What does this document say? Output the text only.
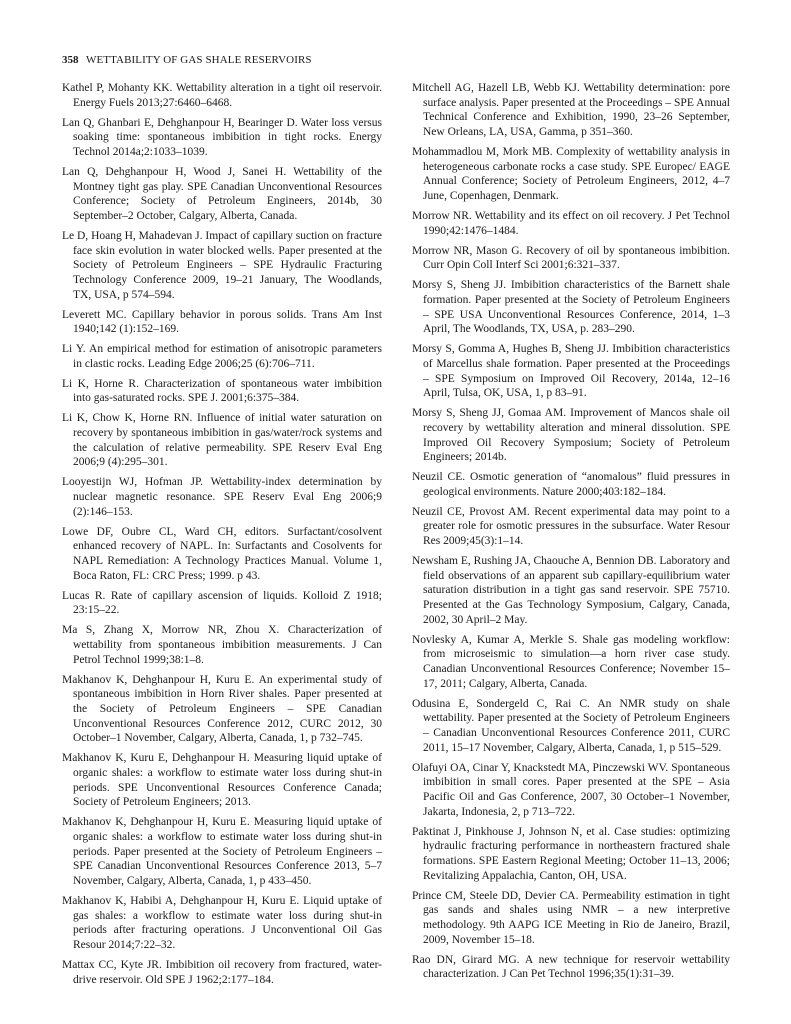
358 WETTABILITY OF GAS SHALE RESERVOIRS

Kathel P, Mohanty KK. Wettability alteration in a tight oil reservoir. Energy Fuels 2013;27:6460–6468.

Lan Q, Ghanbari E, Dehghanpour H, Bearinger D. Water loss versus soaking time: spontaneous imbibition in tight rocks. Energy Technol 2014a;2:1033–1039.

Lan Q, Dehghanpour H, Wood J, Sanei H. Wettability of the Montney tight gas play. SPE Canadian Unconventional Resources Conference; Society of Petroleum Engineers, 2014b, 30 September–2 October, Calgary, Alberta, Canada.

Le D, Hoang H, Mahadevan J. Impact of capillary suction on fracture face skin evolution in water blocked wells. Paper presented at the Society of Petroleum Engineers – SPE Hydraulic Fracturing Technology Conference 2009, 19–21 January, The Woodlands, TX, USA, p 574–594.

Leverett MC. Capillary behavior in porous solids. Trans Am Inst 1940;142 (1):152–169.

Li Y. An empirical method for estimation of anisotropic parameters in clastic rocks. Leading Edge 2006;25 (6):706–711.

Li K, Horne R. Characterization of spontaneous water imbibition into gas-saturated rocks. SPE J. 2001;6:375–384.

Li K, Chow K, Horne RN. Influence of initial water saturation on recovery by spontaneous imbibition in gas/water/rock systems and the calculation of relative permeability. SPE Reserv Eval Eng 2006;9 (4):295–301.

Looyestijn WJ, Hofman JP. Wettability-index determination by nuclear magnetic resonance. SPE Reserv Eval Eng 2006;9 (2):146–153.

Lowe DF, Oubre CL, Ward CH, editors. Surfactant/cosolvent enhanced recovery of NAPL. In: Surfactants and Cosolvents for NAPL Remediation: A Technology Practices Manual. Volume 1, Boca Raton, FL: CRC Press; 1999. p 43.

Lucas R. Rate of capillary ascension of liquids. Kolloid Z 1918; 23:15–22.

Ma S, Zhang X, Morrow NR, Zhou X. Characterization of wettability from spontaneous imbibition measurements. J Can Petrol Technol 1999;38:1–8.

Makhanov K, Dehghanpour H, Kuru E. An experimental study of spontaneous imbibition in Horn River shales. Paper presented at the Society of Petroleum Engineers – SPE Canadian Unconventional Resources Conference 2012, CURC 2012, 30 October–1 November, Calgary, Alberta, Canada, 1, p 732–745.

Makhanov K, Kuru E, Dehghanpour H. Measuring liquid uptake of organic shales: a workflow to estimate water loss during shut-in periods. SPE Unconventional Resources Conference Canada; Society of Petroleum Engineers; 2013.

Makhanov K, Dehghanpour H, Kuru E. Measuring liquid uptake of organic shales: a workflow to estimate water loss during shut-in periods. Paper presented at the Society of Petroleum Engineers – SPE Canadian Unconventional Resources Conference 2013, 5–7 November, Calgary, Alberta, Canada, 1, p 433–450.

Makhanov K, Habibi A, Dehghanpour H, Kuru E. Liquid uptake of gas shales: a workflow to estimate water loss during shut-in periods after fracturing operations. J Unconventional Oil Gas Resour 2014;7:22–32.

Mattax CC, Kyte JR. Imbibition oil recovery from fractured, water-drive reservoir. Old SPE J 1962;2:177–184.

Mitchell AG, Hazell LB, Webb KJ. Wettability determination: pore surface analysis. Paper presented at the Proceedings – SPE Annual Technical Conference and Exhibition, 1990, 23–26 September, New Orleans, LA, USA, Gamma, p 351–360.

Mohammadlou M, Mork MB. Complexity of wettability analysis in heterogeneous carbonate rocks a case study. SPE Europec/ EAGE Annual Conference; Society of Petroleum Engineers, 2012, 4–7 June, Copenhagen, Denmark.

Morrow NR. Wettability and its effect on oil recovery. J Pet Technol 1990;42:1476–1484.

Morrow NR, Mason G. Recovery of oil by spontaneous imbibition. Curr Opin Coll Interf Sci 2001;6:321–337.

Morsy S, Sheng JJ. Imbibition characteristics of the Barnett shale formation. Paper presented at the Society of Petroleum Engineers – SPE USA Unconventional Resources Conference, 2014, 1–3 April, The Woodlands, TX, USA, p. 283–290.

Morsy S, Gomma A, Hughes B, Sheng JJ. Imbibition characteristics of Marcellus shale formation. Paper presented at the Proceedings – SPE Symposium on Improved Oil Recovery, 2014a, 12–16 April, Tulsa, OK, USA, 1, p 83–91.

Morsy S, Sheng JJ, Gomaa AM. Improvement of Mancos shale oil recovery by wettability alteration and mineral dissolution. SPE Improved Oil Recovery Symposium; Society of Petroleum Engineers; 2014b.

Neuzil CE. Osmotic generation of “anomalous” fluid pressures in geological environments. Nature 2000;403:182–184.

Neuzil CE, Provost AM. Recent experimental data may point to a greater role for osmotic pressures in the subsurface. Water Resour Res 2009;45(3):1–14.

Newsham E, Rushing JA, Chaouche A, Bennion DB. Laboratory and field observations of an apparent sub capillary-equilibrium water saturation distribution in a tight gas sand reservoir. SPE 75710. Presented at the Gas Technology Symposium, Calgary, Canada, 2002, 30 April–2 May.

Novlesky A, Kumar A, Merkle S. Shale gas modeling workflow: from microseismic to simulation—a horn river case study. Canadian Unconventional Resources Conference; November 15–17, 2011; Calgary, Alberta, Canada.

Odusina E, Sondergeld C, Rai C. An NMR study on shale wettability. Paper presented at the Society of Petroleum Engineers – Canadian Unconventional Resources Conference 2011, CURC 2011, 15–17 November, Calgary, Alberta, Canada, 1, p 515–529.

Olafuyi OA, Cinar Y, Knackstedt MA, Pinczewski WV. Spontaneous imbibition in small cores. Paper presented at the SPE – Asia Pacific Oil and Gas Conference, 2007, 30 October–1 November, Jakarta, Indonesia, 2, p 713–722.

Paktinat J, Pinkhouse J, Johnson N, et al. Case studies: optimizing hydraulic fracturing performance in northeastern fractured shale formations. SPE Eastern Regional Meeting; October 11–13, 2006; Revitalizing Appalachia, Canton, OH, USA.

Prince CM, Steele DD, Devier CA. Permeability estimation in tight gas sands and shales using NMR – a new interpretive methodology. 9th AAPG ICE Meeting in Rio de Janeiro, Brazil, 2009, November 15–18.

Rao DN, Girard MG. A new technique for reservoir wettability characterization. J Can Pet Technol 1996;35(1):31–39.
